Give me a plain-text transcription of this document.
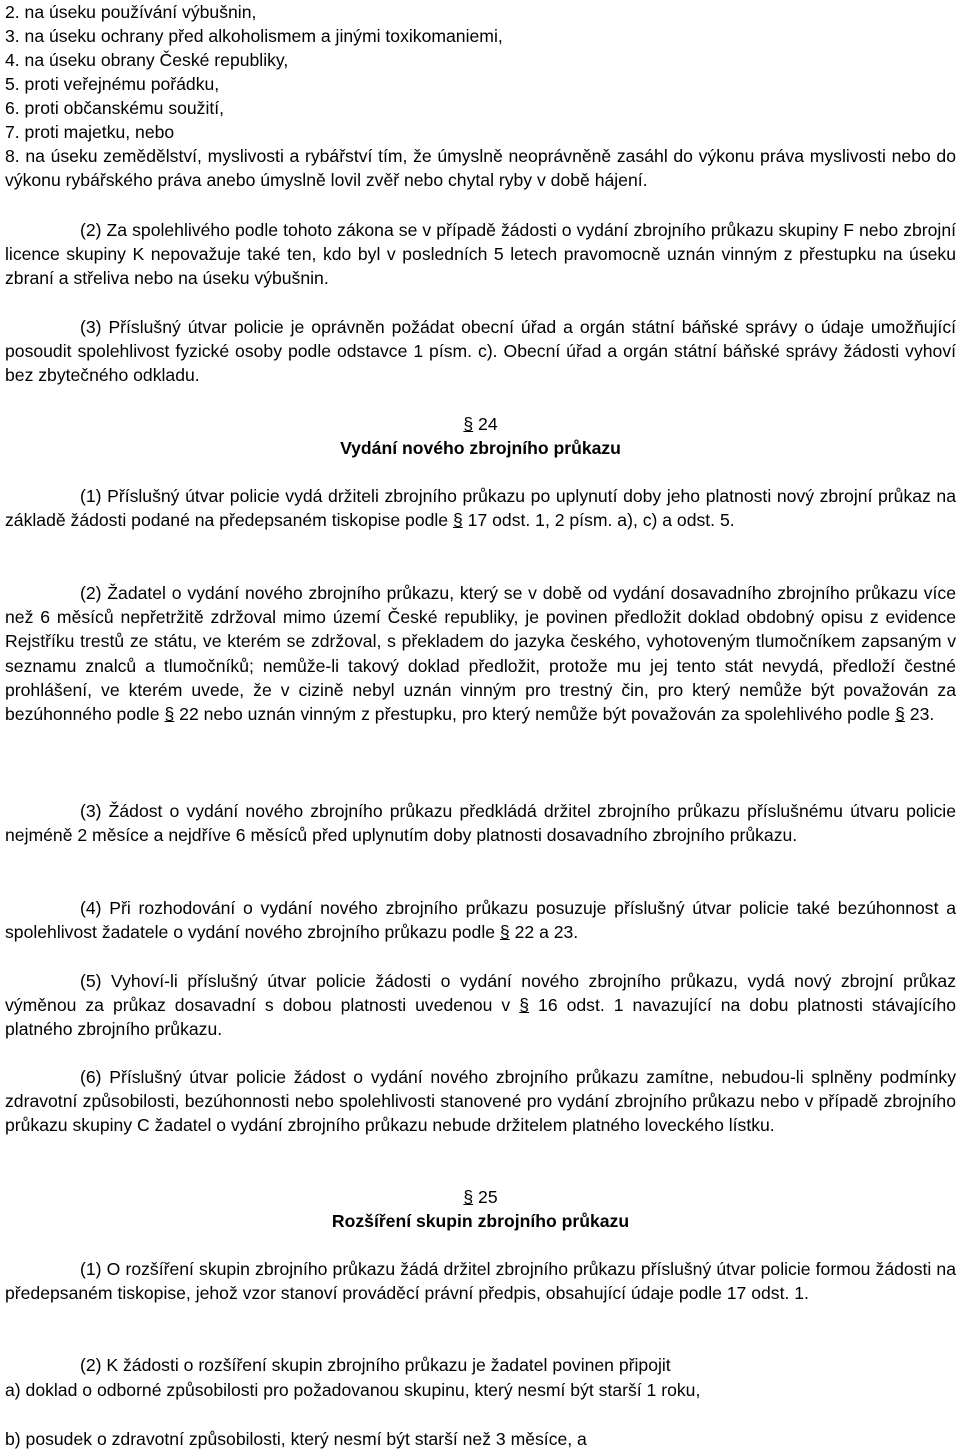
2. na úseku používání výbušnin,
3. na úseku ochrany před alkoholismem a jinými toxikomaniemi,
4. na úseku obrany České republiky,
5. proti veřejnému pořádku,
6. proti občanskému soužití,
7. proti majetku, nebo

8. na úseku zemědělství, myslivosti a rybářství tím, že úmyslně neoprávněně zasáhl do výkonu práva myslivosti nebo do výkonu rybářského práva anebo úmyslně lovil zvěř nebo chytal ryby v době hájení.

(2) Za spolehlivého podle tohoto zákona se v případě žádosti o vydání zbrojního průkazu skupiny F nebo zbrojní licence skupiny K nepovažuje také ten, kdo byl v posledních 5 letech pravomocně uznán vinným z přestupku na úseku zbraní a střeliva nebo na úseku výbušnin.

(3) Příslušný útvar policie je oprávněn požádat obecní úřad a orgán státní báňské správy o údaje umožňující posoudit spolehlivost fyzické osoby podle odstavce 1 písm. c). Obecní úřad a orgán státní báňské správy žádosti vyhoví bez zbytečného odkladu.

§ 24
Vydání nového zbrojního průkazu

(1) Příslušný útvar policie vydá držiteli zbrojního průkazu po uplynutí doby jeho platnosti nový zbrojní průkaz na základě žádosti podané na předepsaném tiskopise podle § 17 odst. 1, 2 písm. a), c) a odst. 5.

(2) Žadatel o vydání nového zbrojního průkazu, který se v době od vydání dosavadního zbrojního průkazu více než 6 měsíců nepřetržitě zdržoval mimo území České republiky, je povinen předložit doklad obdobný opisu z evidence Rejstříku trestů ze státu, ve kterém se zdržoval, s překladem do jazyka českého, vyhotoveným tlumočníkem zapsaným v seznamu znalců a tlumočníků; nemůže-li takový doklad předložit, protože mu jej tento stát nevydá, předloží čestné prohlášení, ve kterém uvede, že v cizině nebyl uznán vinným pro trestný čin, pro který nemůže být považován za bezúhonného podle § 22 nebo uznán vinným z přestupku, pro který nemůže být považován za spolehlivého podle § 23.

(3) Žádost o vydání nového zbrojního průkazu předkládá držitel zbrojního průkazu příslušnému útvaru policie nejméně 2 měsíce a nejdříve 6 měsíců před uplynutím doby platnosti dosavadního zbrojního průkazu.

(4) Při rozhodování o vydání nového zbrojního průkazu posuzuje příslušný útvar policie také bezúhonnost a spolehlivost žadatele o vydání nového zbrojního průkazu podle § 22 a 23.

(5) Vyhoví-li příslušný útvar policie žádosti o vydání nového zbrojního průkazu, vydá nový zbrojní průkaz výměnou za průkaz dosavadní s dobou platnosti uvedenou v § 16 odst. 1 navazující na dobu platnosti stávajícího platného zbrojního průkazu.

(6) Příslušný útvar policie žádost o vydání nového zbrojního průkazu zamítne, nebudou-li splněny podmínky zdravotní způsobilosti, bezúhonnosti nebo spolehlivosti stanovené pro vydání zbrojního průkazu nebo v případě zbrojního průkazu skupiny C žadatel o vydání zbrojního průkazu nebude držitelem platného loveckého lístku.

§ 25
Rozšíření skupin zbrojního průkazu

(1) O rozšíření skupin zbrojního průkazu žádá držitel zbrojního průkazu příslušný útvar policie formou žádosti na předepsaném tiskopise, jehož vzor stanoví prováděcí právní předpis, obsahující údaje podle 17 odst. 1.

(2) K žádosti o rozšíření skupin zbrojního průkazu je žadatel povinen připojit
a) doklad o odborné způsobilosti pro požadovanou skupinu, který nesmí být starší 1 roku,
b) posudek o zdravotní způsobilosti, který nesmí být starší než 3 měsíce, a
